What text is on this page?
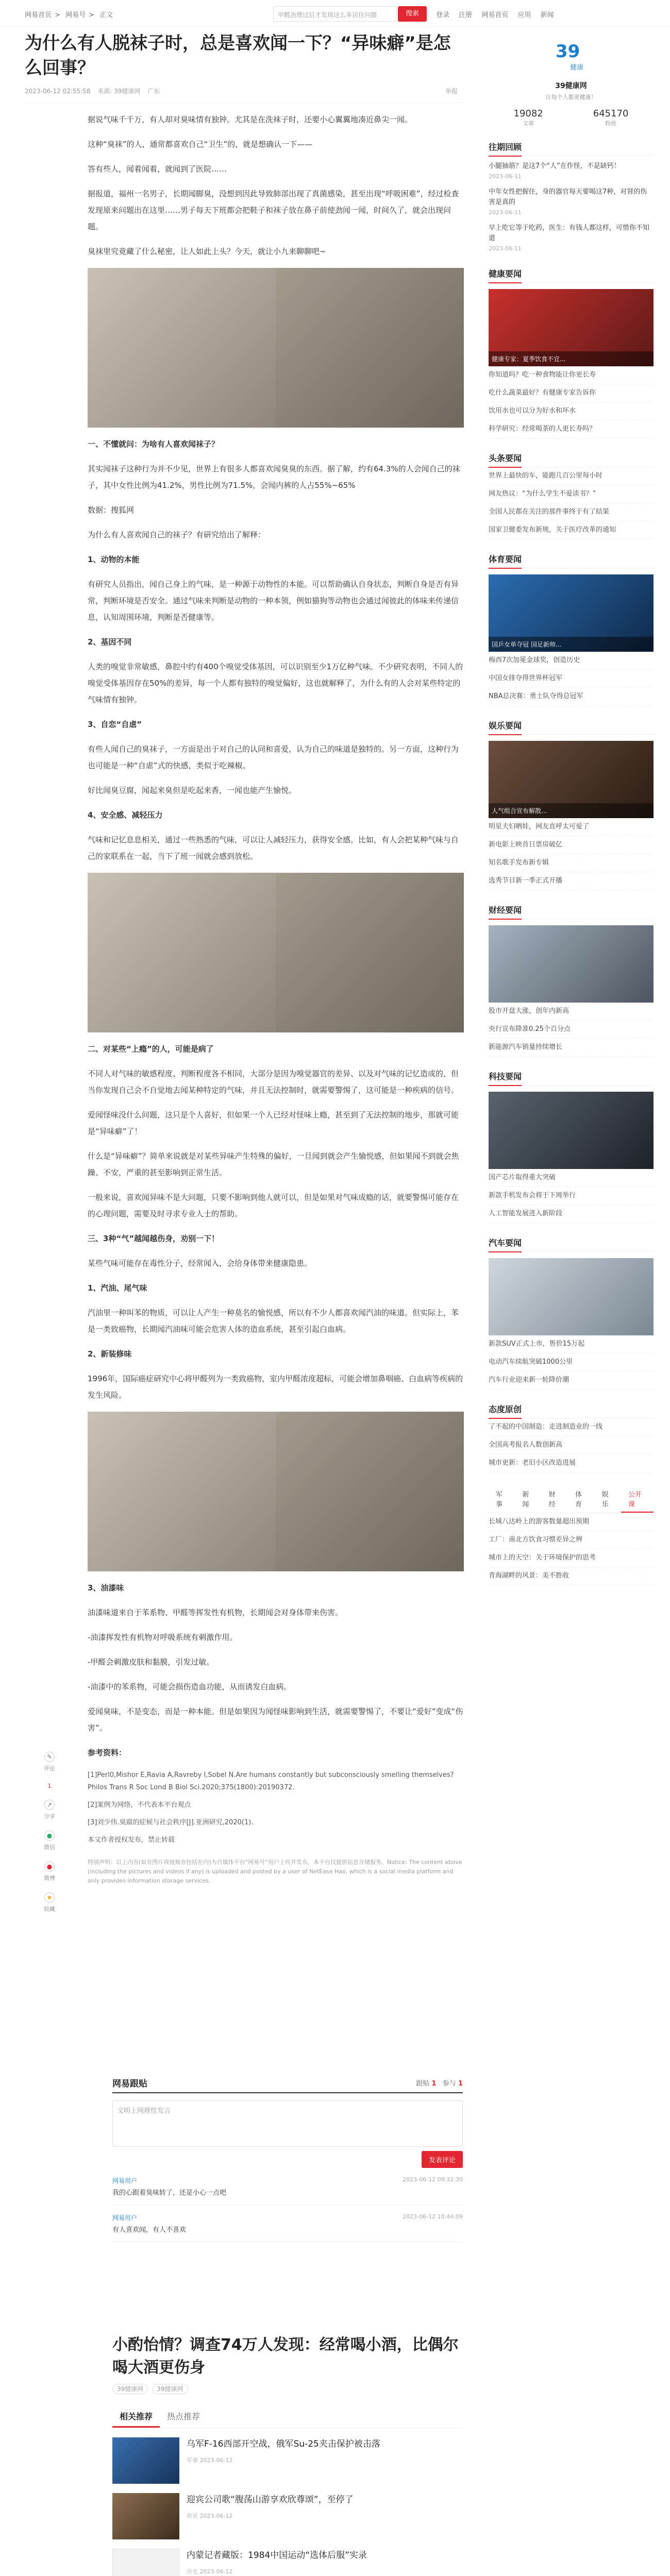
网易首页 > 网易号 > 正文	甲醛治理过后才发现这么多居住问题	搜索	登录 注册 网易首页 应用 新闻
为什么有人脱袜子时，总是喜欢闻一下？“异味癖”是怎么回事？
2023-06-12 02:55:58 来源: 39健康网 广东	举报

据说气味千千万，有人却对臭味情有独钟。尤其是在洗袜子时，还要小心翼翼地凑近鼻尖一闻。

这种“臭袜”的人，通常都喜欢自己“卫生”的，就是想确认一下——

答有些人，闻着闻着，就闻到了医院……

据报道，福州一名男子，长期闻脚臭，没想到因此导致肺部出现了真菌感染，甚至出现“呼吸困难”，经过检查发现原来问题出在这里……男子每天下班都会把鞋子和袜子放在鼻子前使劲闻一闻，时间久了，就会出现问题。

臭袜里究竟藏了什么秘密，让人如此上头？今天，就让小九来聊聊吧~

一、不懂就问：为啥有人喜欢闻袜子？

其实闻袜子这种行为并不少见，世界上有很多人都喜欢闻臭臭的东西。据了解，约有64.3%的人会闻自己的袜子，其中女性比例为41.2%，男性比例为71.5%，会闻内裤的人占55%~65%

数据：搜狐网

为什么有人喜欢闻自己的袜子？有研究给出了解释：

1、动物的本能

有研究人员指出，闻自己身上的气味，是一种源于动物性的本能。可以帮助确认自身状态，判断自身是否有异常，判断环境是否安全。通过气味来判断是动物的一种本领，例如猫狗等动物也会通过闻彼此的体味来传递信息，认知周围环境，判断是否健康等。

2、基因不同

人类的嗅觉非常敏感，鼻腔中约有400个嗅觉受体基因，可以识别至少1万亿种气味。不少研究表明，不同人的嗅觉受体基因存在50%的差异，每一个人都有独特的嗅觉偏好，这也就解释了，为什么有的人会对某些特定的气味情有独钟。

3、自恋“自虐”

有些人闻自己的臭袜子，一方面是出于对自己的认同和喜爱，认为自己的味道是独特的。另一方面，这种行为也可能是一种“自虐”式的快感，类似于吃辣椒。

好比闻臭豆腐，闻起来臭但是吃起来香，一闻也能产生愉悦。

4、安全感、减轻压力

气味和记忆息息相关，通过一些熟悉的气味，可以让人减轻压力，获得安全感。比如，有人会把某种气味与自己的家联系在一起，当下了班一闻就会感到放松。

二、对某些“上瘾”的人，可能是病了

不同人对气味的敏感程度、判断程度各不相同，大部分是因为嗅觉器官的差异、以及对气味的记忆造成的，但当你发现自己会不自觉地去闻某种特定的气味，并且无法控制时，就需要警惕了，这可能是一种疾病的信号。

爱闻怪味没什么问题，这只是个人喜好，但如果一个人已经对怪味上瘾，甚至到了无法控制的地步，那就可能是“异味癖”了！

什么是“异味癖”？简单来说就是对某些异味产生特殊的偏好，一旦闻到就会产生愉悦感，但如果闻不到就会焦躁、不安，严重的甚至影响到正常生活。

一般来说，喜欢闻异味不是大问题，只要不影响到他人就可以，但是如果对气味成瘾的话，就要警惕可能存在的心理问题，需要及时寻求专业人士的帮助。

三、3种“气”越闻越伤身，劝别一下！

某些气味可能存在毒性分子，经常闻入，会给身体带来健康隐患。

1、汽油、尾气味

汽油里一种叫苯的物质，可以让人产生一种莫名的愉悦感，所以有不少人都喜欢闻汽油的味道。但实际上，苯是一类致癌物，长期闻汽油味可能会危害人体的造血系统，甚至引起白血病。

2、新装修味

1996年，国际癌症研究中心将甲醛列为一类致癌物，室内甲醛浓度超标，可能会增加鼻咽癌、白血病等疾病的发生风险。

3、油漆味

油漆味道来自于苯系物、甲醛等挥发性有机物，长期闻会对身体带来伤害。

-油漆挥发性有机物对呼吸系统有刺激作用。

-甲醛会刺激皮肤和黏膜，引发过敏。

-油漆中的苯系物，可能会损伤造血功能，从而诱发白血病。

爱闻臭味，不是变态，而是一种本能。但是如果因为闻怪味影响到生活，就需要警惕了，不要让“爱好”变成“伤害”。

参考资料：

[1]Perl0,Mishor E,Ravia A,Ravreby I,Sobel N.Are humans constantly but subconsciously smelling themselves? Philos Trans R Soc Lond B Biol Sci.2020;375(1800):20190372.

[2]案例为网络，不代表本平台观点

[3]刘少伟.臭腐的症候与社会秩序[J].亚洲研究,2020(1).

本文作者授权发布，禁止转载

特别声明：以上内容(如有图片或视频亦包括在内)为自媒体平台“网易号”用户上传并发布，本平台仅提供信息存储服务。Notice: The content above (including the pictures and videos if any) is uploaded and posted by a user of NetEase Hao, which is a social media platform and only provides information storage services.
✎
评论
1
↗
分享
●
微信
●
微博
★
收藏
网易跟贴	跟贴 1 参与 1
文明上网理性发言
发表评论
网易用户	2023-06-12 09:32:30
我的心跟着臭味转了，还是小心一点吧
网易用户	2023-06-12 10:44:09
有人喜欢闻，有人不喜欢
小酌怡情？调查74万人发现：经常喝小酒，比偶尔喝大酒更伤身
39健康网 39健康网
相关推荐	热点推荐
乌军F-16西部开空战，俄军Su-25夹击保护被击落
军事 2023-06-12
迎宾公司歌“腹荡山游享欢欣尊颂”，至停了
资讯 2023-06-12
内蒙记者藏版：1984中国运动“选体后服”实录
历史 2023-06-12
39
健康
39健康网
让每个人都更健康！
19082
文章
645170
粉丝
往期回顾
小腿抽筋？是这7个“人”在作怪，不是缺钙！
2023-06-11
中年女性把握住，身的器官每天要喝这7种，对肾的伤害是真的
2023-06-11
早上吃它等于吃药，医生：有钱人都这样，可惜你不知道
2023-06-11
健康要闻
健康专家：夏季饮食不宜...
你知道吗？吃一种食物能让你更长寿
吃什么蔬菜最好？有健康专家告诉你
饮用水也可以分为好水和坏水
科学研究：经常喝茶的人更长寿吗？
头条要闻
世界上最快的车，能跑几百公里每小时
网友热议：“为什么学生不爱读书？”
全国人民都在关注的那件事终于有了结果
国家卫健委发布新规，关于医疗改革的通知
体育要闻
国乒女单夺冠 国足新帅...
梅西7次加冕金球奖，创造历史
中国女排夺得世界杯冠军
NBA总决赛：勇士队夺得总冠军
娱乐要闻
人气组合宣布解散...
明星夫妇晒娃，网友直呼太可爱了
新电影上映首日票房破亿
知名歌手发布新专辑
选秀节目新一季正式开播
财经要闻
股市开盘大涨，创年内新高
央行宣布降准0.25个百分点
新能源汽车销量持续增长
科技要闻
国产芯片取得重大突破
新款手机发布会将于下周举行
人工智能发展进入新阶段
汽车要闻
新款SUV正式上市，售价15万起
电动汽车续航突破1000公里
汽车行业迎来新一轮降价潮
态度原创
了不起的中国制造：走进制造业的一线
全国高考报名人数创新高
城市更新：老旧小区改造进展
军事
新闻
财经
体育
娱乐
公开课
长城八达岭上的游客数量超出预期
工厂：南北方饮食习惯差异之辨
城市上的天空：关于环境保护的思考
青海湖畔的风景：美不胜收
